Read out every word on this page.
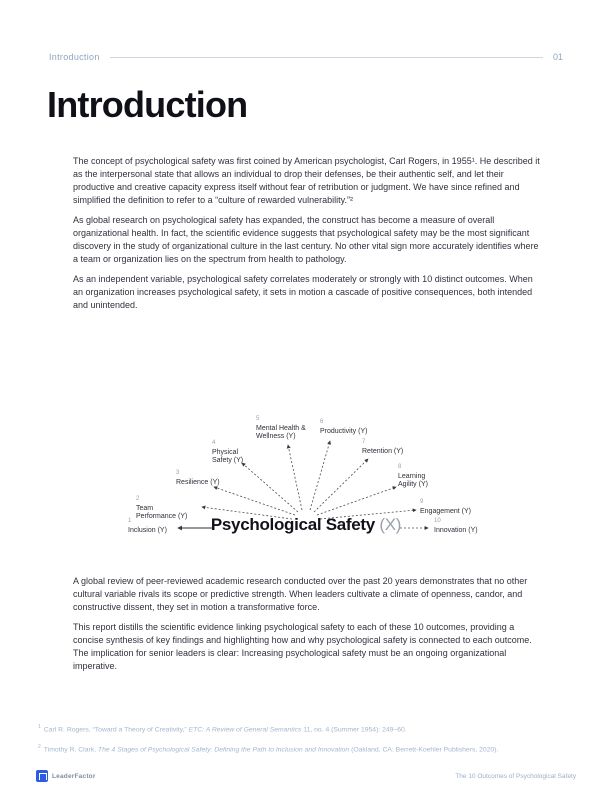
Introduction	01
Introduction

The concept of psychological safety was first coined by American psychologist, Carl Rogers, in 1955¹. He described it as the interpersonal state that allows an individual to drop their defenses, be their authentic self, and let their productive and creative capacity express itself without fear of retribution or judgment. We have since refined and simplified the definition to refer to a “culture of rewarded vulnerability.”²

As global research on psychological safety has expanded, the construct has become a measure of overall organizational health. In fact, the scientific evidence suggests that psychological safety may be the most significant discovery in the study of organizational culture in the last century. No other vital sign more accurately identifies where a team or organization lies on the spectrum from health to pathology.

As an independent variable, psychological safety correlates moderately or strongly with 10 distinct outcomes. When an organization increases psychological safety, it sets in motion a cascade of positive consequences, both intended and unintended.

1
Inclusion (Y)
2
Team Performance (Y)
3
Resilience (Y)
4
Physical Safety (Y)
5
Mental Health & Wellness (Y)
6
Productivity (Y)
7
Retention (Y)
8
Learning Agility (Y)
9
Engagement (Y)
10
Innovation (Y)
Psychological Safety (X)

A global review of peer-reviewed academic research conducted over the past 20 years demonstrates that no other cultural variable rivals its scope or predictive strength. When leaders cultivate a climate of openness, candor, and constructive dissent, they set in motion a transformative force.

This report distills the scientific evidence linking psychological safety to each of these 10 outcomes, providing a concise synthesis of key findings and highlighting how and why psychological safety is connected to each outcome. The implication for senior leaders is clear: Increasing psychological safety must be an ongoing organizational imperative.

$^1$ Carl R. Rogers, “Toward a Theory of Creativity,” ETC: A Review of General Semantics 11, no. 4 (Summer 1954): 249–60.
$^2$ Timothy R. Clark, The 4 Stages of Psychological Safety: Defining the Path to Inclusion and Innovation (Oakland, CA: Berrett-Koehler Publishers, 2020).
LeaderFactor	The 10 Outcomes of Psychological Safety
